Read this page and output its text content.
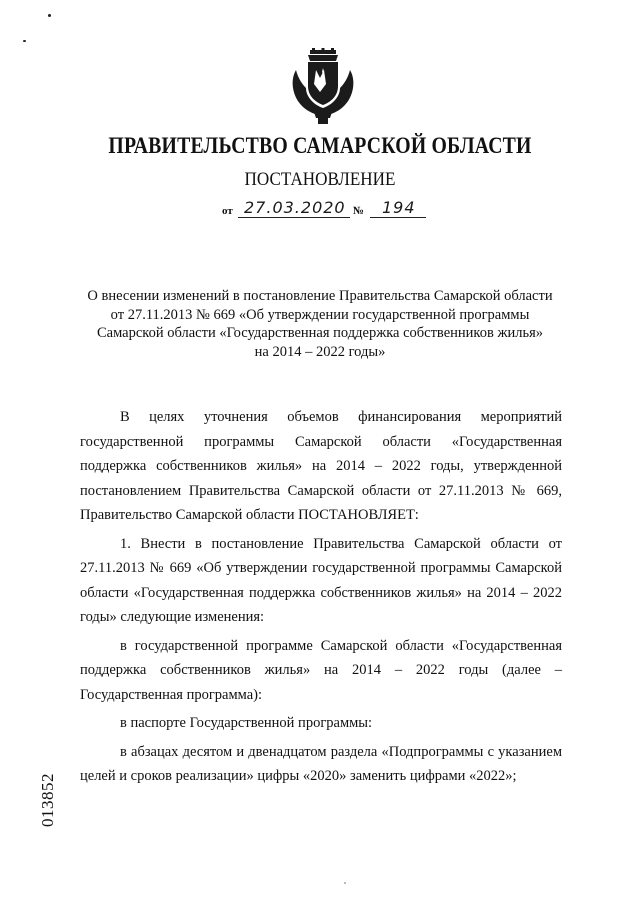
ПРАВИТЕЛЬСТВО САМАРСКОЙ ОБЛАСТИ
ПОСТАНОВЛЕНИЕ
от 27.03.2020 № 194
О внесении изменений в постановление Правительства Самарской области
от 27.11.2013 № 669 «Об утверждении государственной программы
Самарской области «Государственная поддержка собственников жилья»
на 2014 – 2022 годы»

В целях уточнения объемов финансирования мероприятий государственной программы Самарской области «Государственная поддержка собственников жилья» на 2014 – 2022 годы, утвержденной постановлением Правительства Самарской области от 27.11.2013 № 669, Правительство Самарской области ПОСТАНОВЛЯЕТ:

1. Внести в постановление Правительства Самарской области от 27.11.2013 № 669 «Об утверждении государственной программы Самарской области «Государственная поддержка собственников жилья» на 2014 – 2022 годы» следующие изменения:

в государственной программе Самарской области «Государственная поддержка собственников жилья» на 2014 – 2022 годы (далее – Государственная программа):

в паспорте Государственной программы:

в абзацах десятом и двенадцатом раздела «Подпрограммы с указанием целей и сроков реализации» цифры «2020» заменить цифрами «2022»;

013852
